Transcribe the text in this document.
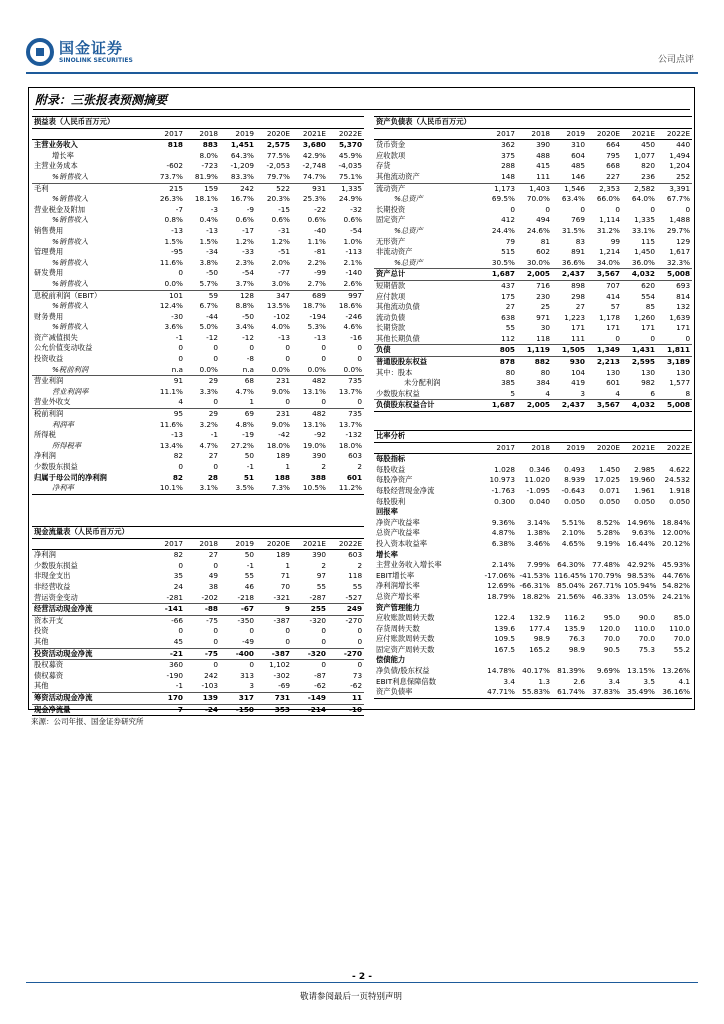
国金证券
SINOLINK SECURITIES	公司点评
附录：三张报表预测摘要
损益表（人民币百万元）						
	2017	2018	2019	2020E	2021E	2022E
主营业务收入	818	883	1,451	2,575	3,680	5,370
增长率		8.0%	64.3%	77.5%	42.9%	45.9%
主营业务成本	-602	-723	-1,209	-2,053	-2,748	-4,035
%销售收入	73.7%	81.9%	83.3%	79.7%	74.7%	75.1%
毛利	215	159	242	522	931	1,335
%销售收入	26.3%	18.1%	16.7%	20.3%	25.3%	24.9%
营业税金及附加	-7	-3	-9	-15	-22	-32
%销售收入	0.8%	0.4%	0.6%	0.6%	0.6%	0.6%
销售费用	-13	-13	-17	-31	-40	-54
%销售收入	1.5%	1.5%	1.2%	1.2%	1.1%	1.0%
管理费用	-95	-34	-33	-51	-81	-113
%销售收入	11.6%	3.8%	2.3%	2.0%	2.2%	2.1%
研发费用	0	-50	-54	-77	-99	-140
%销售收入	0.0%	5.7%	3.7%	3.0%	2.7%	2.6%
息税前利润（EBIT）	101	59	128	347	689	997
%销售收入	12.4%	6.7%	8.8%	13.5%	18.7%	18.6%
财务费用	-30	-44	-50	-102	-194	-246
%销售收入	3.6%	5.0%	3.4%	4.0%	5.3%	4.6%
资产减值损失	-1	-12	-12	-13	-13	-16
公允价值变动收益	0	0	0	0	0	0
投资收益	0	0	-8	0	0	0
%税前利润	n.a	0.0%	n.a	0.0%	0.0%	0.0%
营业利润	91	29	68	231	482	735
营业利润率	11.1%	3.3%	4.7%	9.0%	13.1%	13.7%
营业外收支	4	0	1	0	0	0
税前利润	95	29	69	231	482	735
利润率	11.6%	3.2%	4.8%	9.0%	13.1%	13.7%
所得税	-13	-1	-19	-42	-92	-132
所得税率	13.4%	4.7%	27.2%	18.0%	19.0%	18.0%
净利润	82	27	50	189	390	603
少数股东损益	0	0	-1	1	2	2
归属于母公司的净利润	82	28	51	188	388	601
净利率	10.1%	3.1%	3.5%	7.3%	10.5%	11.2%
资产负债表（人民币百万元）						
	2017	2018	2019	2020E	2021E	2022E
货币资金	362	390	310	664	450	440
应收款项	375	488	604	795	1,077	1,494
存货	288	415	485	668	820	1,204
其他流动资产	148	111	146	227	236	252
流动资产	1,173	1,403	1,546	2,353	2,582	3,391
%总资产	69.5%	70.0%	63.4%	66.0%	64.0%	67.7%
长期投资	0	0	0	0	0	0
固定资产	412	494	769	1,114	1,335	1,488
%总资产	24.4%	24.6%	31.5%	31.2%	33.1%	29.7%
无形资产	79	81	83	99	115	129
非流动资产	515	602	891	1,214	1,450	1,617
%总资产	30.5%	30.0%	36.6%	34.0%	36.0%	32.3%
资产总计	1,687	2,005	2,437	3,567	4,032	5,008
短期借款	437	716	898	707	620	693
应付款项	175	230	298	414	554	814
其他流动负债	27	25	27	57	85	132
流动负债	638	971	1,223	1,178	1,260	1,639
长期贷款	55	30	171	171	171	171
其他长期负债	112	118	111	0	0	0
负债	805	1,119	1,505	1,349	1,431	1,811
普通股股东权益	878	882	930	2,213	2,595	3,189
其中：股本	80	80	104	130	130	130
未分配利润	385	384	419	601	982	1,577
少数股东权益	5	4	3	4	6	8
负债股东权益合计	1,687	2,005	2,437	3,567	4,032	5,008
比率分析						
	2017	2018	2019	2020E	2021E	2022E
每股指标						
每股收益	1.028	0.346	0.493	1.450	2.985	4.622
每股净资产	10.973	11.020	8.939	17.025	19.960	24.532
每股经营现金净流	-1.763	-1.095	-0.643	0.071	1.961	1.918
每股股利	0.300	0.040	0.050	0.050	0.050	0.050
回报率						
净资产收益率	9.36%	3.14%	5.51%	8.52%	14.96%	18.84%
总资产收益率	4.87%	1.38%	2.10%	5.28%	9.63%	12.00%
投入资本收益率	6.38%	3.46%	4.65%	9.19%	16.44%	20.12%
增长率						
主营业务收入增长率	2.14%	7.99%	64.30%	77.48%	42.92%	45.93%
EBIT增长率	-17.06%	-41.53%	116.45%	170.79%	98.53%	44.76%
净利润增长率	12.69%	-66.31%	85.04%	267.71%	105.94%	54.82%
总资产增长率	18.79%	18.82%	21.56%	46.33%	13.05%	24.21%
资产管理能力						
应收账款周转天数	122.4	132.9	116.2	95.0	90.0	85.0
存货周转天数	139.6	177.4	135.9	120.0	110.0	110.0
应付账款周转天数	109.5	98.9	76.3	70.0	70.0	70.0
固定资产周转天数	167.5	165.2	98.9	90.5	75.3	55.2
偿债能力						
净负债/股东权益	14.78%	40.17%	81.39%	9.69%	13.15%	13.26%
EBIT利息保障倍数	3.4	1.3	2.6	3.4	3.5	4.1
资产负债率	47.71%	55.83%	61.74%	37.83%	35.49%	36.16%
现金流量表（人民币百万元）						
	2017	2018	2019	2020E	2021E	2022E
净利润	82	27	50	189	390	603
少数股东损益	0	0	-1	1	2	2
非现金支出	35	49	55	71	97	118
非经营收益	24	38	46	70	55	55
营运资金变动	-281	-202	-218	-321	-287	-527
经营活动现金净流	-141	-88	-67	9	255	249
资本开支	-66	-75	-350	-387	-320	-270
投资	0	0	0	0	0	0
其他	45	0	-49	0	0	0
投资活动现金净流	-21	-75	-400	-387	-320	-270
股权募资	360	0	0	1,102	0	0
债权募资	-190	242	313	-302	-87	73
其他	-1	-103	3	-69	-62	-62
筹资活动现金净流	170	139	317	731	-149	11
现金净流量	7	-24	-150	353	-214	-10
来源：公司年报、国金证券研究所
- 2 -
敬请参阅最后一页特别声明
